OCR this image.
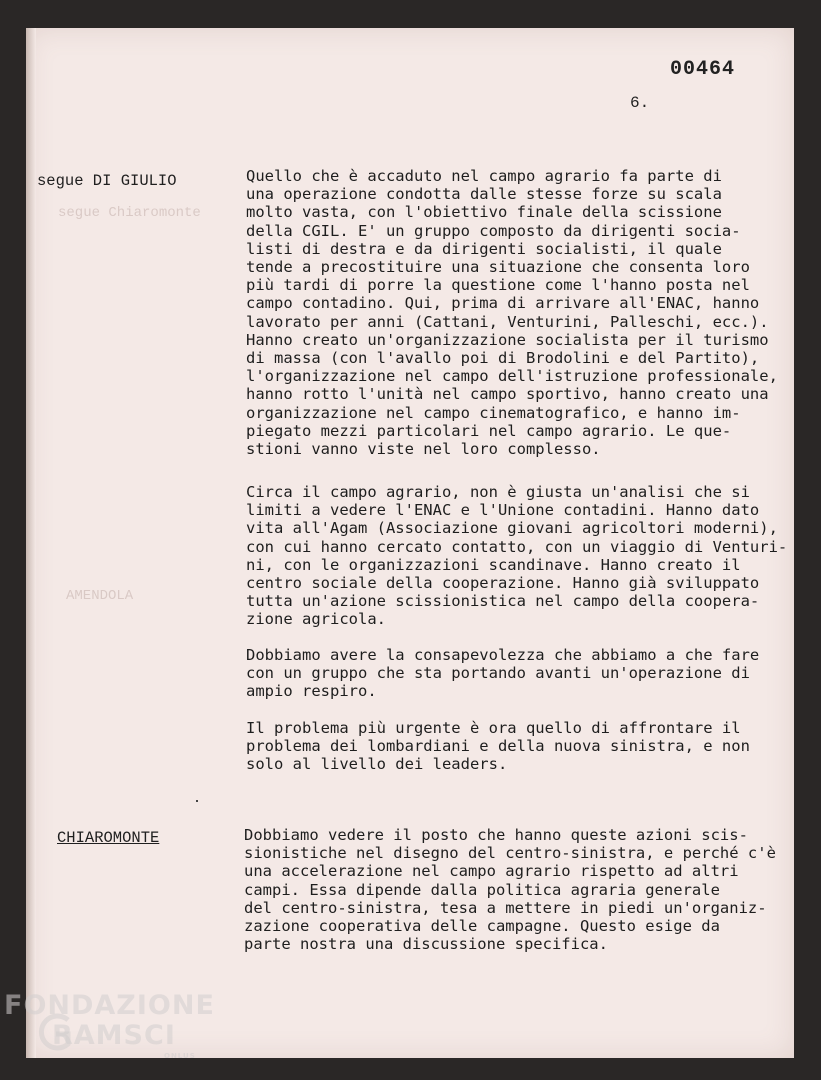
00464
6.
segue Chiaromonte
AMENDOLA
segue DI GIULIO	Quello che è accaduto nel campo agrario fa parte di
una operazione condotta dalle stesse forze su scala
molto vasta, con l'obiettivo finale della scissione
della CGIL. E' un gruppo composto da dirigenti socia-
listi di destra e da dirigenti socialisti, il quale
tende a precostituire una situazione che consenta loro
più tardi di porre la questione come l'hanno posta nel
campo contadino. Qui, prima di arrivare all'ENAC, hanno
lavorato per anni (Cattani, Venturini, Palleschi, ecc.).
Hanno creato un'organizzazione socialista per il turismo
di massa (con l'avallo poi di Brodolini e del Partito),
l'organizzazione nel campo dell'istruzione professionale,
hanno rotto l'unità nel campo sportivo, hanno creato una
organizzazione nel campo cinematografico, e hanno im-
piegato mezzi particolari nel campo agrario. Le que-
stioni vanno viste nel loro complesso.
Circa il campo agrario, non è giusta un'analisi che si
limiti a vedere l'ENAC e l'Unione contadini. Hanno dato
vita all'Agam (Associazione giovani agricoltori moderni),
con cui hanno cercato contatto, con un viaggio di Venturi-
ni, con le organizzazioni scandinave. Hanno creato il
centro sociale della cooperazione. Hanno già sviluppato
tutta un'azione scissionistica nel campo della coopera-
zione agricola.
Dobbiamo avere la consapevolezza che abbiamo a che fare
con un gruppo che sta portando avanti un'operazione di
ampio respiro.
Il problema più urgente è ora quello di affrontare il
problema dei lombardiani e della nuova sinistra, e non
solo al livello dei leaders.
CHIAROMONTE	Dobbiamo vedere il posto che hanno queste azioni scis-
sionistiche nel disegno del centro-sinistra, e perché c'è
una accelerazione nel campo agrario rispetto ad altri
campi. Essa dipende dalla politica agraria generale
del centro-sinistra, tesa a mettere in piedi un'organiz-
zazione cooperativa delle campagne. Questo esige da
parte nostra una discussione specifica.
FONDAZIONE
RAMSCI
ONLUS
